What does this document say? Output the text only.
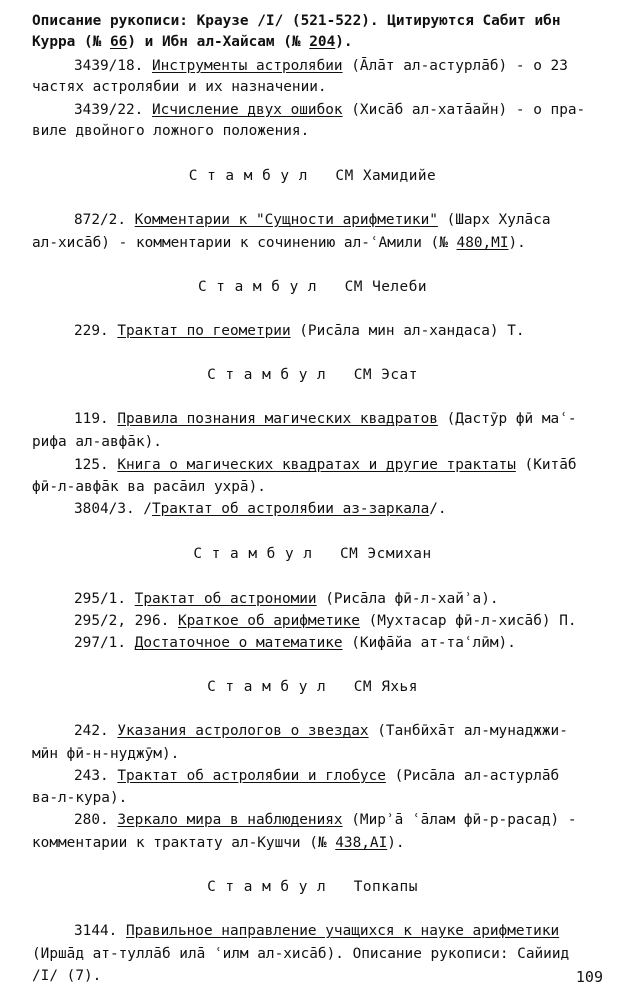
Описание рукописи: Краузе /I/ (521-522). Цитируются Сабит ибн
Курра (№ 66) и Ибн ал-Хайсам (№ 204).
3439/18. Инструменты астролябии (Āлāт ал-астурлāб) - о 23
частях астролябии и их назначении.
3439/22. Исчисление двух ошибок (Хисāб ал-хатāайн) - о пра-
виле двойного ложного положения.
С т а м б у л СМ Хамидийе
872/2. Комментарии к "Сущности арифметики" (Шарх Хулāса
ал-хисāб) - комментарии к сочинению ал-ʿАмили (№ 480,MI).
С т а м б у л СМ Челеби
229. Трактат по геометрии (Рисāла мин ал-хандаса) Т.
С т а м б у л СМ Эсат
119. Правила познания магических квадратов (Дастӯр фӣ маʿ-
рифа ал-авфāк).
125. Книга о магических квадратах и другие трактаты (Китāб
фӣ-л-авфāк ва расāил ухрā).
3804/3. /Трактат об астролябии аз-заркала/.
С т а м б у л СМ Эсмихан
295/1. Трактат об астрономии (Рисāла фӣ-л-хайʾа).
295/2, 296. Краткое об арифметике (Мухтасар фӣ-л-хисāб) П.
297/1. Достаточное о математике (Кифāйа ат-таʿлӣм).
С т а м б у л СМ Яхья
242. Указания астрологов о звездах (Танбӣхāт ал-мунаджжи-
мӣн фӣ-н-нуджӯм).
243. Трактат об астролябии и глобусе (Рисāла ал-астурлāб
ва-л-кура).
280. Зеркало мира в наблюдениях (Мирʾā ʿāлам фӣ-р-расад) -
комментарии к трактату ал-Кушчи (№ 438,AI).
С т а м б у л Топкапы
3144. Правильное направление учащихся к науке арифметики
(Иршāд ат-туллāб илā ʿилм ал-хисāб). Описание рукописи: Сайиид
/I/ (7).	109
